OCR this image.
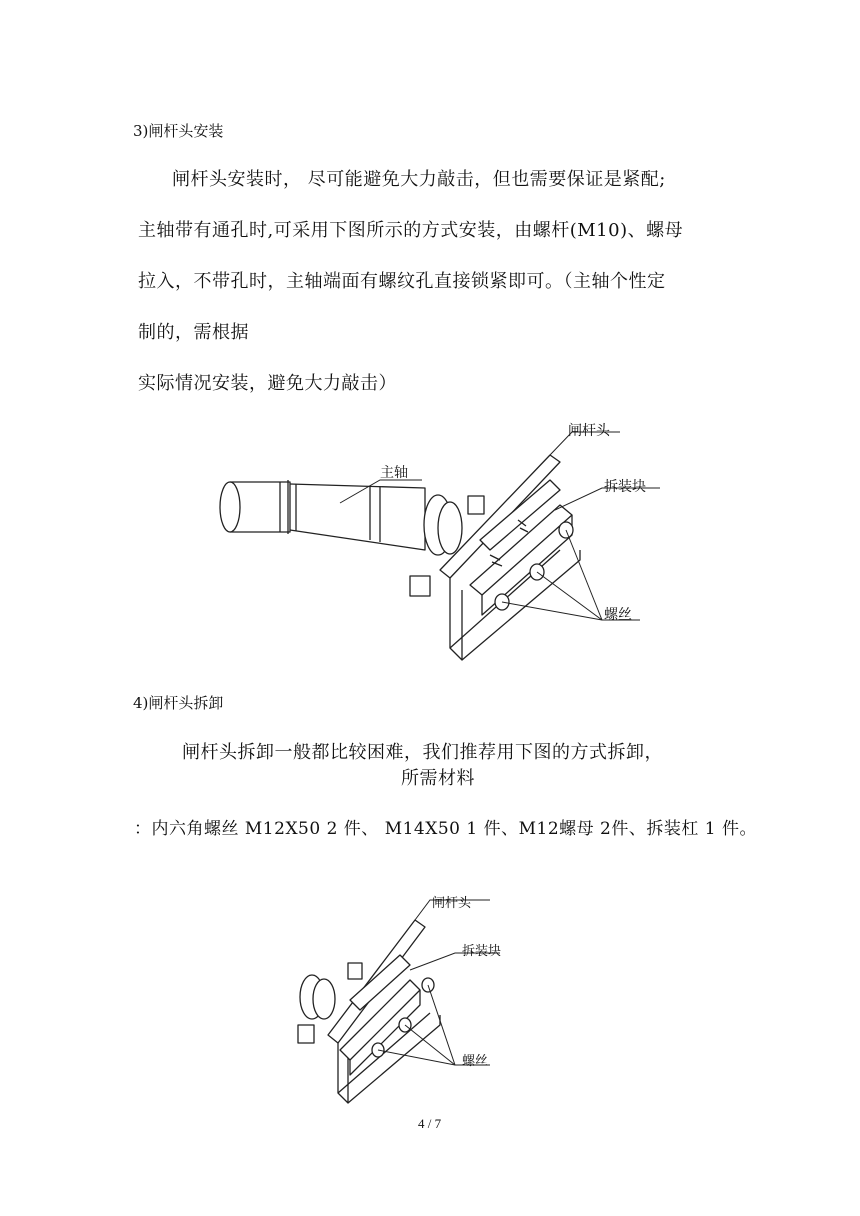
3)闸杆头安装
闸杆头安装时， 尽可能避免大力敲击，但也需要保证是紧配;
主轴带有通孔时,可采用下图所示的方式安装，由螺杆(M10)、螺母
拉入，不带孔时，主轴端面有螺纹孔直接锁紧即可。（主轴个性定
制的，需根据
实际情况安装，避免大力敲击）
闸杆头
主轴
拆装块
螺丝
4)闸杆头拆卸
闸杆头拆卸一般都比较困难，我们推荐用下图的方式拆卸，
所需材料
：内六角螺丝 M12X50 2 件、 M14X50 1 件、M12螺母 2件、拆装杠 1 件。
闸杆头
拆装块
螺丝
4 / 7
